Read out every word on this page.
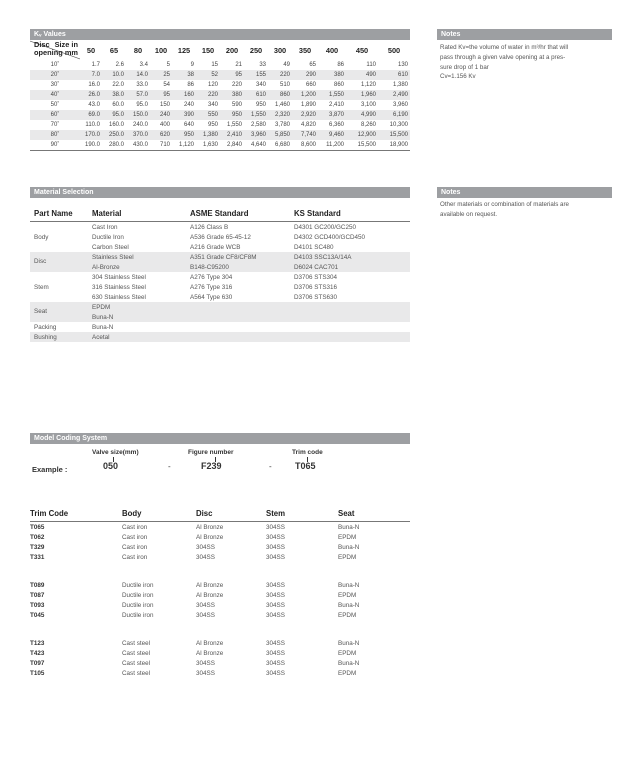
Kᵥ Values
Disc
opening
Size in
mm	50	65	80	100	125	150	200	250	300	350	400	450	500
10˚	1.7	2.6	3.4	5	9	15	21	33	49	65	86	110	130
20˚	7.0	10.0	14.0	25	38	52	95	155	220	290	380	490	610
30˚	16.0	22.0	33.0	54	86	120	220	340	510	660	860	1,120	1,380
40˚	26.0	38.0	57.0	95	160	220	380	610	860	1,200	1,550	1,960	2,490
50˚	43.0	60.0	95.0	150	240	340	590	950	1,460	1,890	2,410	3,100	3,960
60˚	69.0	95.0	150.0	240	390	550	950	1,550	2,320	2,920	3,870	4,990	6,190
70˚	110.0	160.0	240.0	400	640	950	1,550	2,580	3,780	4,820	6,360	8,260	10,300
80˚	170.0	250.0	370.0	620	950	1,380	2,410	3,960	5,850	7,740	9,460	12,900	15,500
90˚	190.0	280.0	430.0	710	1,120	1,630	2,840	4,640	6,680	8,600	11,200	15,500	18,900
Notes
Rated Kv=the volume of water in m³/hr that will
pass through a given valve opening at a pres-
sure drop of 1 bar
Cv=1.156 Kv
Material Selection
Part Name	Material	ASME Standard	KS Standard
	Cast Iron	A126 Class B	D4301 GC200/GC250
Body	Ductile Iron	A536 Grade 65-45-12	D4302 GCD400/GCD450
	Carbon Steel	A216 Grade WCB	D4101 SC480
	Stainless Steel	A351 Grade CF8/CF8M	D4103 SSC13A/14A

	Al-Bronze	B148-C95200	D6024 CAC701
	304 Stainless Steel	A276 Type 304	D3706 STS304
Stem	316 Stainless Steel	A276 Type 316	D3706 STS316
	630 Stainless Steel	A564 Type 630	D3706 STS630
	EPDM		

	Buna-N		
Packing	Buna-N		
Bushing	Acetal		
Notes
Other materials or combination of materials are
available on request.
Model Coding System
Valve size(mm)	Figure number	Trim code
Example :	050	-	F239	-	T065
Trim Code	Body	Disc	Stem	Seat
T065	Cast iron	Al Bronze	304SS	Buna-N
T062	Cast iron	Al Bronze	304SS	EPDM
T329	Cast iron	304SS	304SS	Buna-N
T331	Cast iron	304SS	304SS	EPDM

T089	Ductile iron	Al Bronze	304SS	Buna-N
T087	Ductile iron	Al Bronze	304SS	EPDM
T093	Ductile iron	304SS	304SS	Buna-N
T045	Ductile iron	304SS	304SS	EPDM

T123	Cast steel	Al Bronze	304SS	Buna-N
T423	Cast steel	Al Bronze	304SS	EPDM
T097	Cast steel	304SS	304SS	Buna-N
T105	Cast steel	304SS	304SS	EPDM
